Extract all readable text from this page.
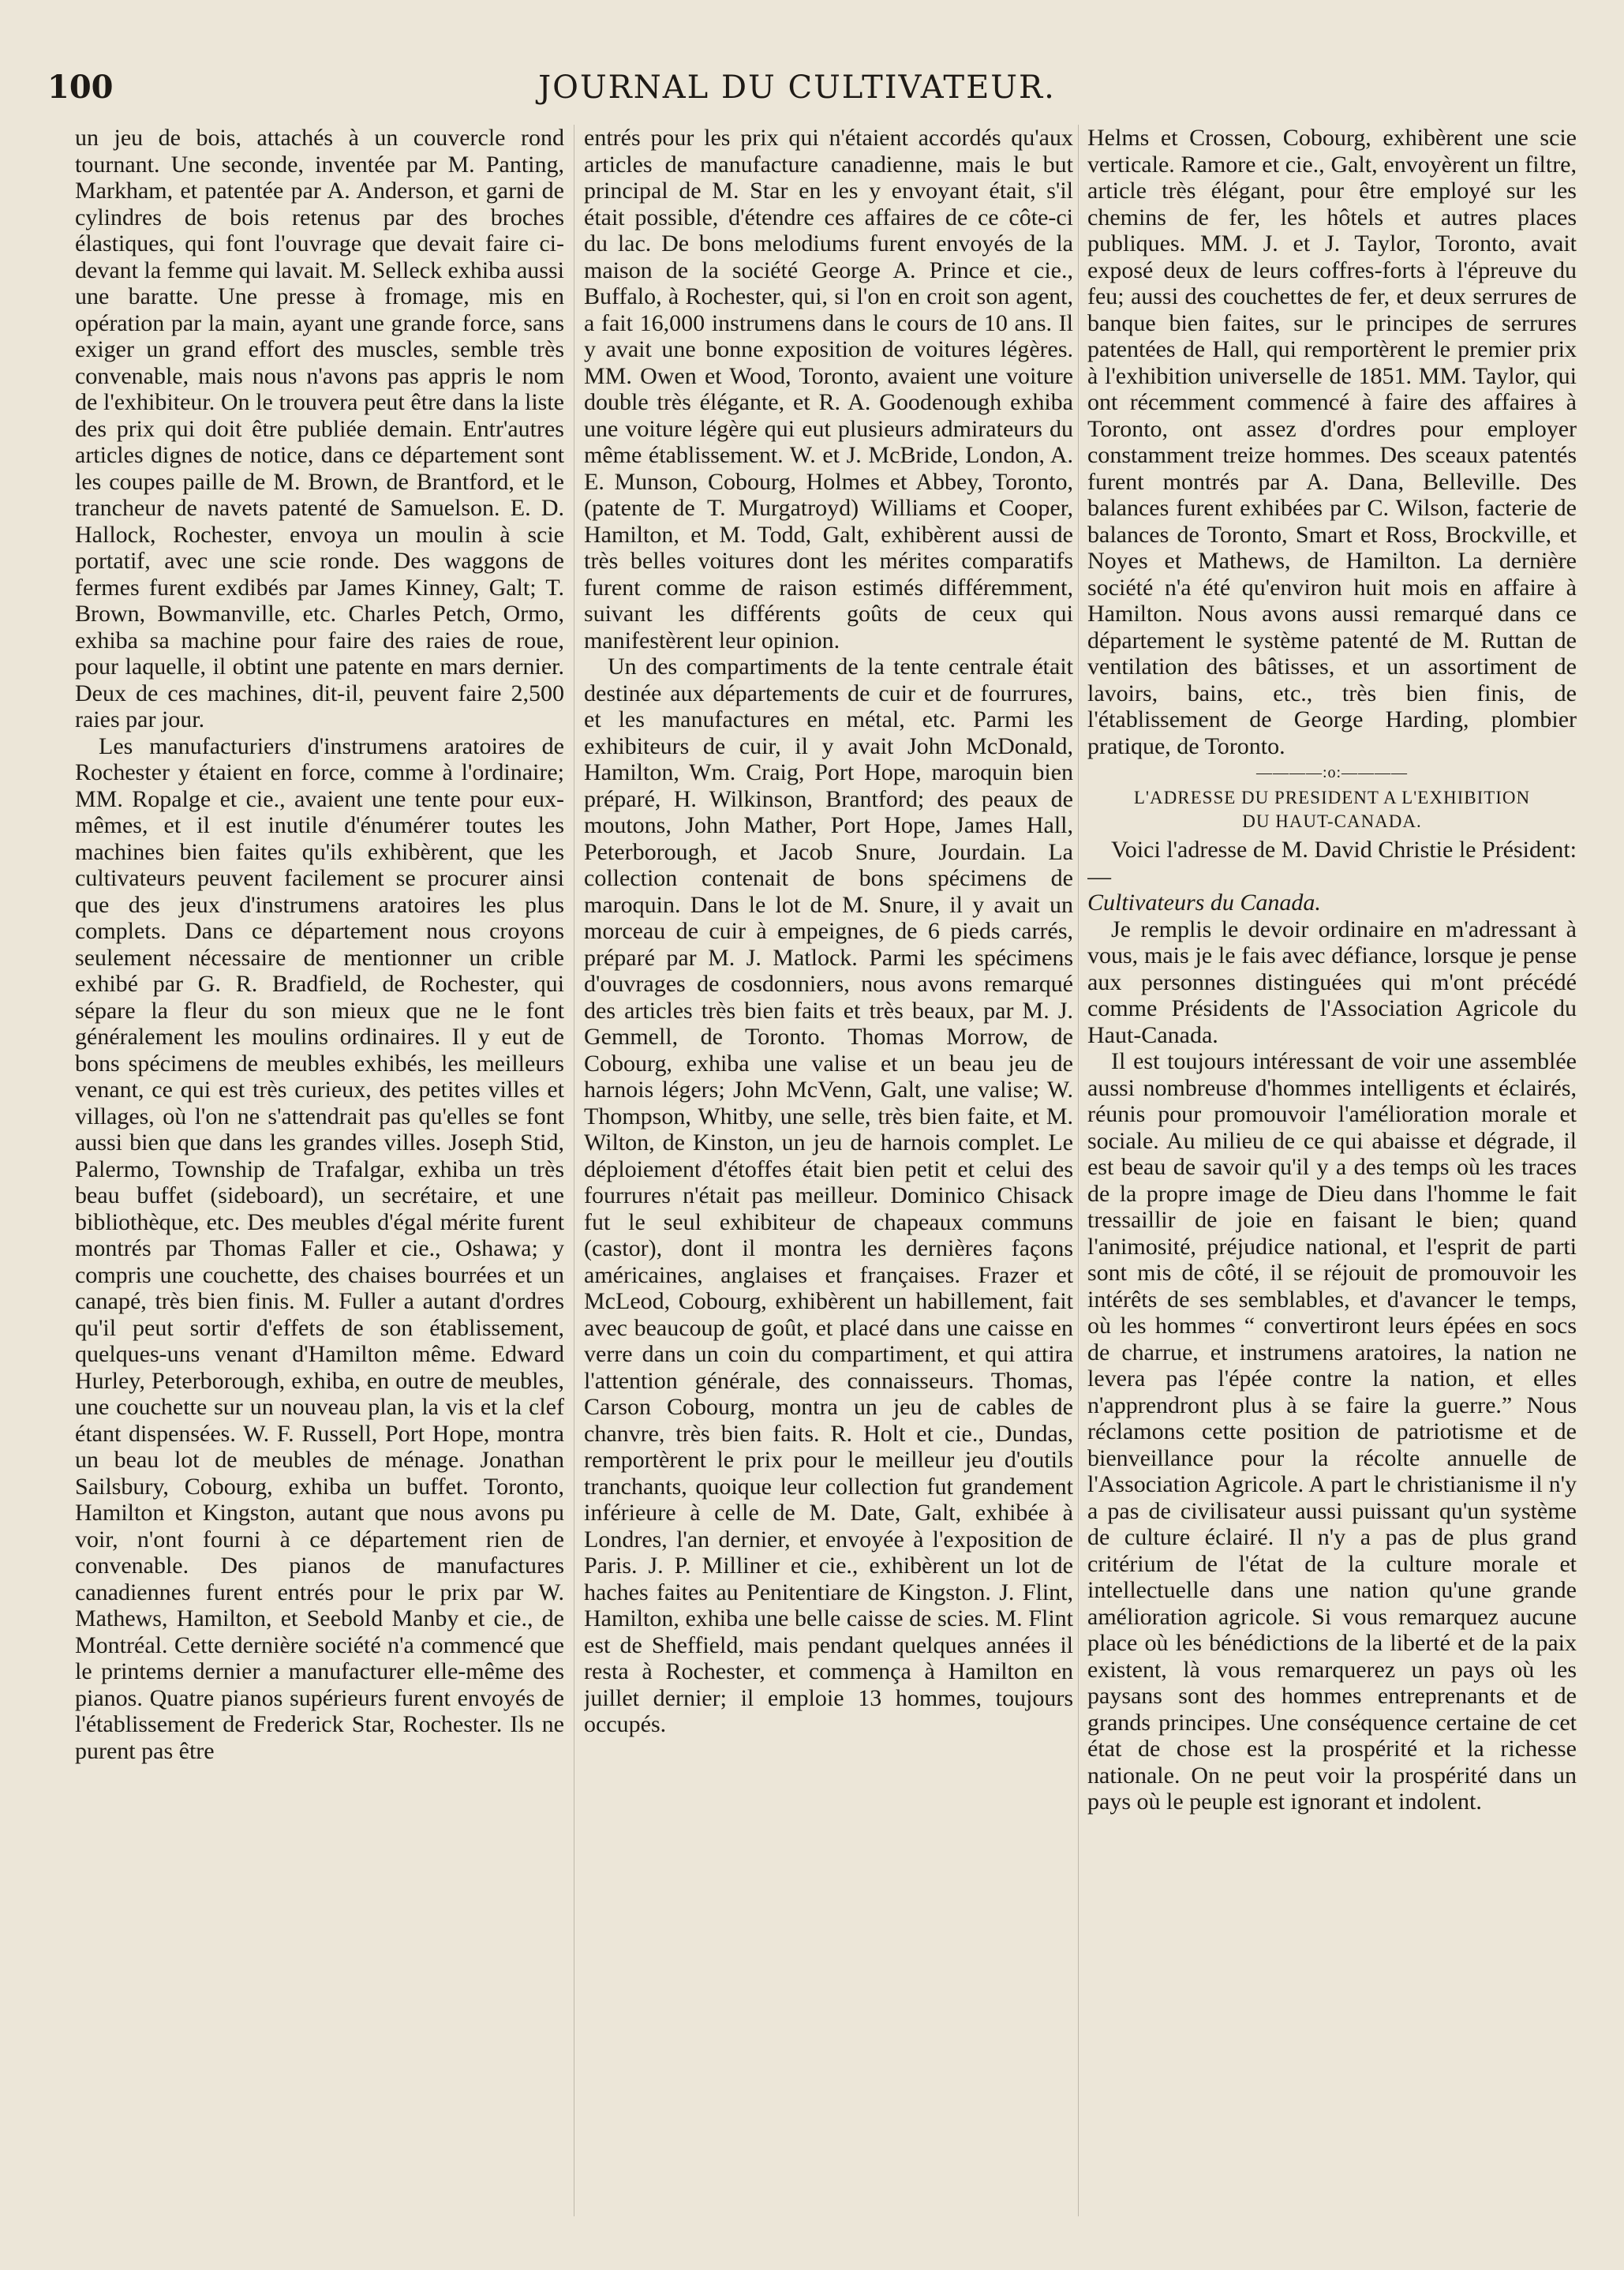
100	JOURNAL DU CULTIVATEUR.

un jeu de bois, attachés à un couvercle rond tournant. Une seconde, inventée par M. Panting, Markham, et patentée par A. Anderson, et garni de cylindres de bois retenus par des broches élastiques, qui font l'ouvrage que devait faire ci-devant la femme qui lavait. M. Selleck exhiba aussi une baratte. Une presse à fromage, mis en opération par la main, ayant une grande force, sans exiger un grand effort des muscles, semble très convenable, mais nous n'avons pas appris le nom de l'exhibiteur. On le trouvera peut être dans la liste des prix qui doit être publiée demain. Entr'autres articles dignes de notice, dans ce département sont les coupes paille de M. Brown, de Brantford, et le trancheur de navets patenté de Samuelson. E. D. Hallock, Rochester, envoya un moulin à scie portatif, avec une scie ronde. Des waggons de fermes furent exdibés par James Kinney, Galt; T. Brown, Bowmanville, etc. Charles Petch, Ormo, exhiba sa machine pour faire des raies de roue, pour laquelle, il obtint une patente en mars dernier. Deux de ces machines, dit-il, peuvent faire 2,500 raies par jour.

Les manufacturiers d'instrumens aratoires de Rochester y étaient en force, comme à l'ordinaire; MM. Ropalge et cie., avaient une tente pour eux-mêmes, et il est inutile d'énumérer toutes les machines bien faites qu'ils exhibèrent, que les cultivateurs peuvent facilement se procurer ainsi que des jeux d'instrumens aratoires les plus complets. Dans ce département nous croyons seulement nécessaire de mentionner un crible exhibé par G. R. Bradfield, de Rochester, qui sépare la fleur du son mieux que ne le font généralement les moulins ordinaires. Il y eut de bons spécimens de meubles exhibés, les meilleurs venant, ce qui est très curieux, des petites villes et villages, où l'on ne s'attendrait pas qu'elles se font aussi bien que dans les grandes villes. Joseph Stid, Palermo, Township de Trafalgar, exhiba un très beau buffet (sideboard), un secrétaire, et une bibliothèque, etc. Des meubles d'égal mérite furent montrés par Thomas Faller et cie., Oshawa; y compris une couchette, des chaises bourrées et un canapé, très bien finis. M. Fuller a autant d'ordres qu'il peut sortir d'effets de son établissement, quelques-uns venant d'Hamilton même. Edward Hurley, Peterborough, exhiba, en outre de meubles, une couchette sur un nouveau plan, la vis et la clef étant dispensées. W. F. Russell, Port Hope, montra un beau lot de meubles de ménage. Jonathan Sailsbury, Cobourg, exhiba un buffet. Toronto, Hamilton et Kingston, autant que nous avons pu voir, n'ont fourni à ce département rien de convenable. Des pianos de manufactures canadiennes furent entrés pour le prix par W. Mathews, Hamilton, et Seebold Manby et cie., de Montréal. Cette dernière société n'a commencé que le printems dernier a manufacturer elle-même des pianos. Quatre pianos supérieurs furent envoyés de l'établissement de Frederick Star, Rochester. Ils ne purent pas être

entrés pour les prix qui n'étaient accordés qu'aux articles de manufacture canadienne, mais le but principal de M. Star en les y envoyant était, s'il était possible, d'étendre ces affaires de ce côte-ci du lac. De bons melodiums furent envoyés de la maison de la société George A. Prince et cie., Buffalo, à Rochester, qui, si l'on en croit son agent, a fait 16,000 instrumens dans le cours de 10 ans. Il y avait une bonne exposition de voitures légères. MM. Owen et Wood, Toronto, avaient une voiture double très élégante, et R. A. Goodenough exhiba une voiture légère qui eut plusieurs admirateurs du même établissement. W. et J. McBride, London, A. E. Munson, Cobourg, Holmes et Abbey, Toronto, (patente de T. Murgatroyd) Williams et Cooper, Hamilton, et M. Todd, Galt, exhibèrent aussi de très belles voitures dont les mérites comparatifs furent comme de raison estimés différemment, suivant les différents goûts de ceux qui manifestèrent leur opinion.

Un des compartiments de la tente centrale était destinée aux départements de cuir et de fourrures, et les manufactures en métal, etc. Parmi les exhibiteurs de cuir, il y avait John McDonald, Hamilton, Wm. Craig, Port Hope, maroquin bien préparé, H. Wilkinson, Brantford; des peaux de moutons, John Mather, Port Hope, James Hall, Peterborough, et Jacob Snure, Jourdain. La collection contenait de bons spécimens de maroquin. Dans le lot de M. Snure, il y avait un morceau de cuir à empeignes, de 6 pieds carrés, préparé par M. J. Matlock. Parmi les spécimens d'ouvrages de cosdonniers, nous avons remarqué des articles très bien faits et très beaux, par M. J. Gemmell, de Toronto. Thomas Morrow, de Cobourg, exhiba une valise et un beau jeu de harnois légers; John McVenn, Galt, une valise; W. Thompson, Whitby, une selle, très bien faite, et M. Wilton, de Kinston, un jeu de harnois complet. Le déploiement d'étoffes était bien petit et celui des fourrures n'était pas meilleur. Dominico Chisack fut le seul exhibiteur de chapeaux communs (castor), dont il montra les dernières façons américaines, anglaises et françaises. Frazer et McLeod, Cobourg, exhibèrent un habillement, fait avec beaucoup de goût, et placé dans une caisse en verre dans un coin du compartiment, et qui attira l'attention générale, des connaisseurs. Thomas, Carson Cobourg, montra un jeu de cables de chanvre, très bien faits. R. Holt et cie., Dundas, remportèrent le prix pour le meilleur jeu d'outils tranchants, quoique leur collection fut grandement inférieure à celle de M. Date, Galt, exhibée à Londres, l'an dernier, et envoyée à l'exposition de Paris. J. P. Milliner et cie., exhibèrent un lot de haches faites au Penitentiare de Kingston. J. Flint, Hamilton, exhiba une belle caisse de scies. M. Flint est de Sheffield, mais pendant quelques années il resta à Rochester, et commença à Hamilton en juillet dernier; il emploie 13 hommes, toujours occupés.

Helms et Crossen, Cobourg, exhibèrent une scie verticale. Ramore et cie., Galt, envoyèrent un filtre, article très élégant, pour être employé sur les chemins de fer, les hôtels et autres places publiques. MM. J. et J. Taylor, Toronto, avait exposé deux de leurs coffres-forts à l'épreuve du feu; aussi des couchettes de fer, et deux serrures de banque bien faites, sur le principes de serrures patentées de Hall, qui remportèrent le premier prix à l'exhibition universelle de 1851. MM. Taylor, qui ont récemment commencé à faire des affaires à Toronto, ont assez d'ordres pour employer constamment treize hommes. Des sceaux patentés furent montrés par A. Dana, Belleville. Des balances furent exhibées par C. Wilson, facterie de balances de Toronto, Smart et Ross, Brockville, et Noyes et Mathews, de Hamilton. La dernière société n'a été qu'environ huit mois en affaire à Hamilton. Nous avons aussi remarqué dans ce département le système patenté de M. Ruttan de ventilation des bâtisses, et un assortiment de lavoirs, bains, etc., très bien finis, de l'établissement de George Harding, plombier pratique, de Toronto.

————:o:————
L'ADRESSE DU PRESIDENT A L'EXHIBITION
DU HAUT-CANADA.

Voici l'adresse de M. David Christie le Président:—

Cultivateurs du Canada.

Je remplis le devoir ordinaire en m'adressant à vous, mais je le fais avec défiance, lorsque je pense aux personnes distinguées qui m'ont précédé comme Présidents de l'Association Agricole du Haut-Canada.

Il est toujours intéressant de voir une assemblée aussi nombreuse d'hommes intelligents et éclairés, réunis pour promouvoir l'amélioration morale et sociale. Au milieu de ce qui abaisse et dégrade, il est beau de savoir qu'il y a des temps où les traces de la propre image de Dieu dans l'homme le fait tressaillir de joie en faisant le bien; quand l'animosité, préjudice national, et l'esprit de parti sont mis de côté, il se réjouit de promouvoir les intérêts de ses semblables, et d'avancer le temps, où les hommes “ convertiront leurs épées en socs de charrue, et instrumens aratoires, la nation ne levera pas l'épée contre la nation, et elles n'apprendront plus à se faire la guerre.” Nous réclamons cette position de patriotisme et de bienveillance pour la récolte annuelle de l'Association Agricole. A part le christianisme il n'y a pas de civilisateur aussi puissant qu'un système de culture éclairé. Il n'y a pas de plus grand critérium de l'état de la culture morale et intellectuelle dans une nation qu'une grande amélioration agricole. Si vous remarquez aucune place où les bénédictions de la liberté et de la paix existent, là vous remarquerez un pays où les paysans sont des hommes entreprenants et de grands principes. Une conséquence certaine de cet état de chose est la prospérité et la richesse nationale. On ne peut voir la prospérité dans un pays où le peuple est ignorant et indolent.
